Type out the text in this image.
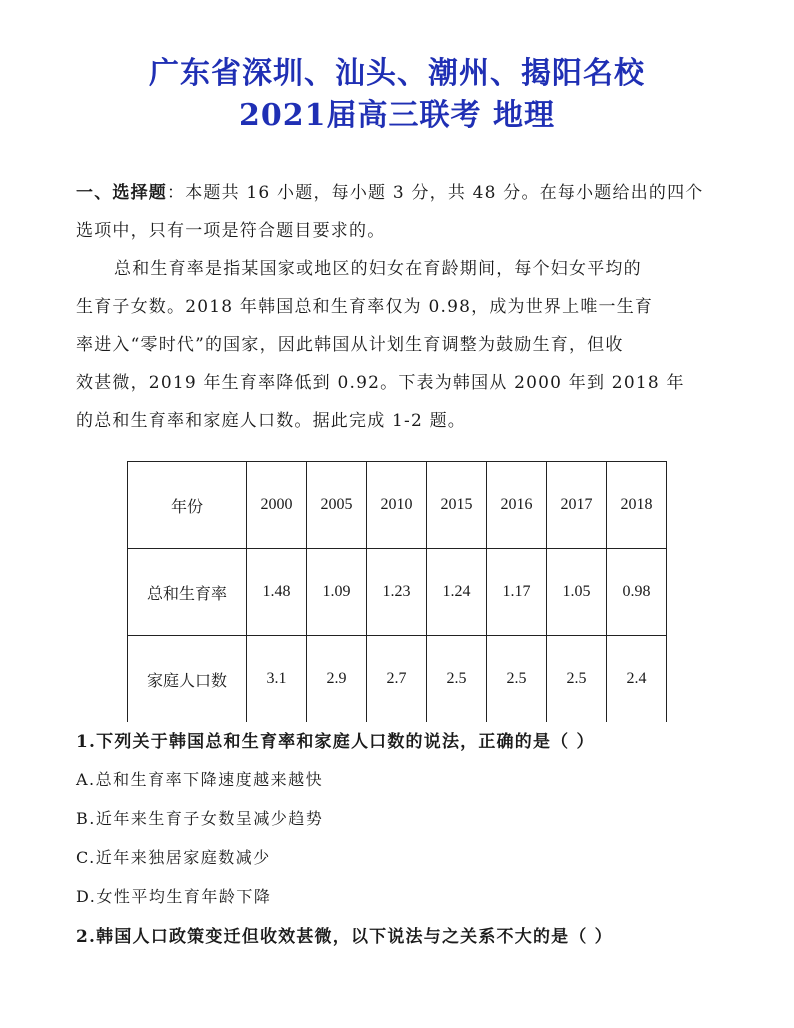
广东省深圳、汕头、潮州、揭阳名校
2021届高三联考 地理
一、选择题：本题共 16 小题，每小题 3 分，共 48 分。在每小题给出的四个选项中，只有一项是符合题目要求的。
总和生育率是指某国家或地区的妇女在育龄期间，每个妇女平均的
生育子女数。2018 年韩国总和生育率仅为 0.98，成为世界上唯一生育
率进入“零时代”的国家，因此韩国从计划生育调整为鼓励生育，但收
效甚微，2019 年生育率降低到 0.92。下表为韩国从 2000 年到 2018 年
的总和生育率和家庭人口数。据此完成 1-2 题。
年份	2000	2005	2010	2015	2016	2017	2018
总和生育率	1.48	1.09	1.23	1.24	1.17	1.05	0.98
家庭人口数	3.1	2.9	2.7	2.5	2.5	2.5	2.4
1.下列关于韩国总和生育率和家庭人口数的说法，正确的是（ ）
A.总和生育率下降速度越来越快
B.近年来生育子女数呈减少趋势
C.近年来独居家庭数减少
D.女性平均生育年龄下降
2.韩国人口政策变迁但收效甚微，以下说法与之关系不大的是（ ）
